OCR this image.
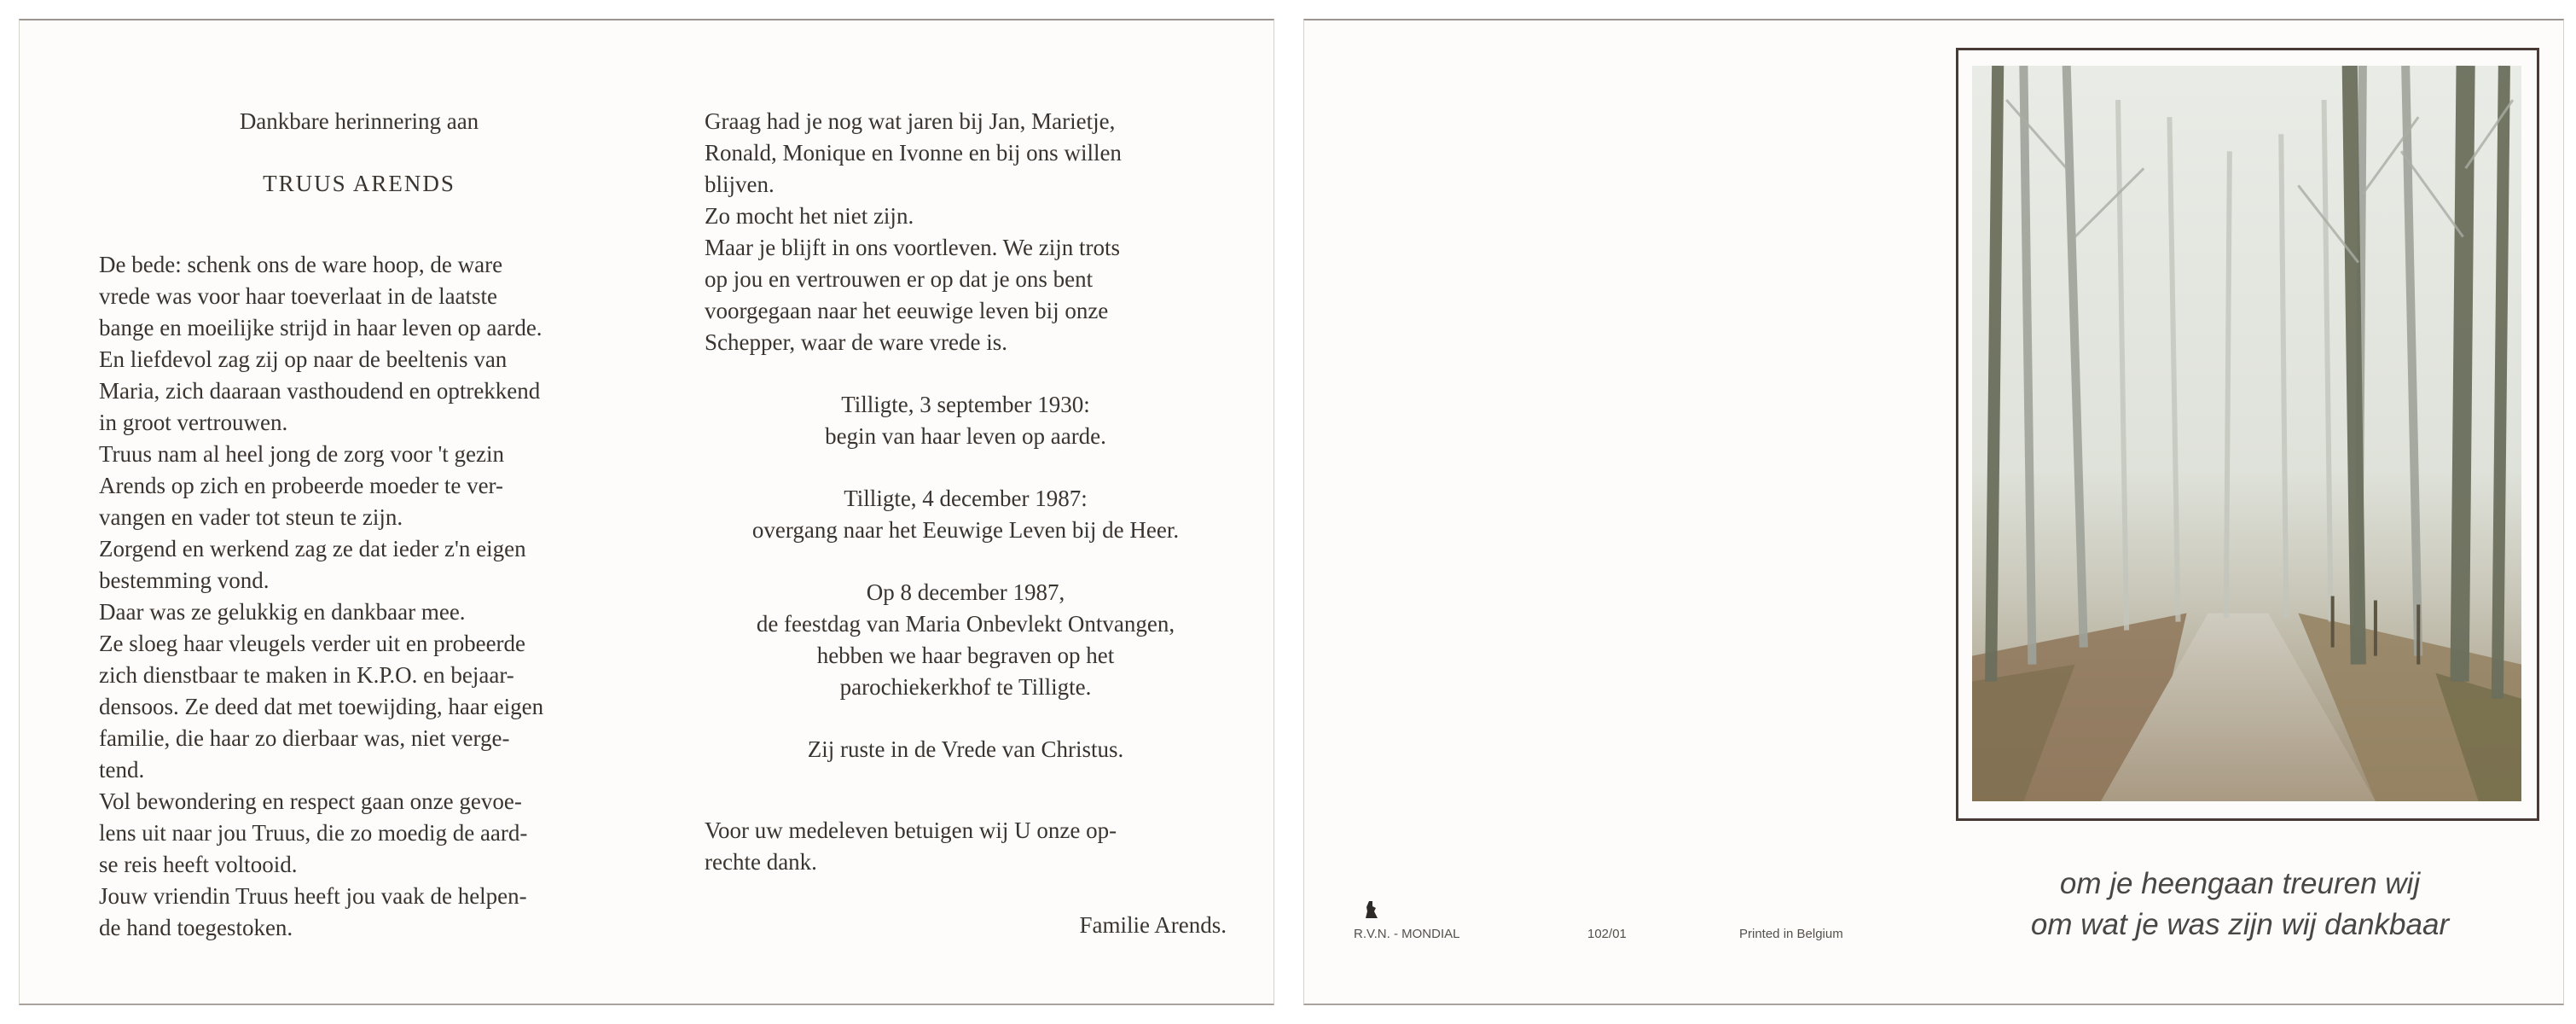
Dankbare herinnering aan

TRUUS ARENDS

De bede: schenk ons de ware hoop, de ware
vrede was voor haar toeverlaat in de laatste
bange en moeilijke strijd in haar leven op aarde.
En liefdevol zag zij op naar de beeltenis van
Maria, zich daaraan vasthoudend en optrekkend
in groot vertrouwen.
Truus nam al heel jong de zorg voor 't gezin
Arends op zich en probeerde moeder te ver-
vangen en vader tot steun te zijn.
Zorgend en werkend zag ze dat ieder z'n eigen
bestemming vond.
Daar was ze gelukkig en dankbaar mee.
Ze sloeg haar vleugels verder uit en probeerde
zich dienstbaar te maken in K.P.O. en bejaar-
densoos. Ze deed dat met toewijding, haar eigen
familie, die haar zo dierbaar was, niet verge-
tend.
Vol bewondering en respect gaan onze gevoe-
lens uit naar jou Truus, die zo moedig de aard-
se reis heeft voltooid.
Jouw vriendin Truus heeft jou vaak de helpen-
de hand toegestoken.
Graag had je nog wat jaren bij Jan, Marietje,
Ronald, Monique en Ivonne en bij ons willen
blijven.
Zo mocht het niet zijn.
Maar je blijft in ons voortleven. We zijn trots
op jou en vertrouwen er op dat je ons bent
voorgegaan naar het eeuwige leven bij onze
Schepper, waar de ware vrede is.
Tilligte, 3 september 1930:
begin van haar leven op aarde.
Tilligte, 4 december 1987:
overgang naar het Eeuwige Leven bij de Heer.
Op 8 december 1987,
de feestdag van Maria Onbevlekt Ontvangen,
hebben we haar begraven op het
parochiekerkhof te Tilligte.
Zij ruste in de Vrede van Christus.
Voor uw medeleven betuigen wij U onze op-
rechte dank.
Familie Arends.
om je heengaan treuren wij
om wat je was zijn wij dankbaar
R.V.N. - MONDIAL	102/01	Printed in Belgium
